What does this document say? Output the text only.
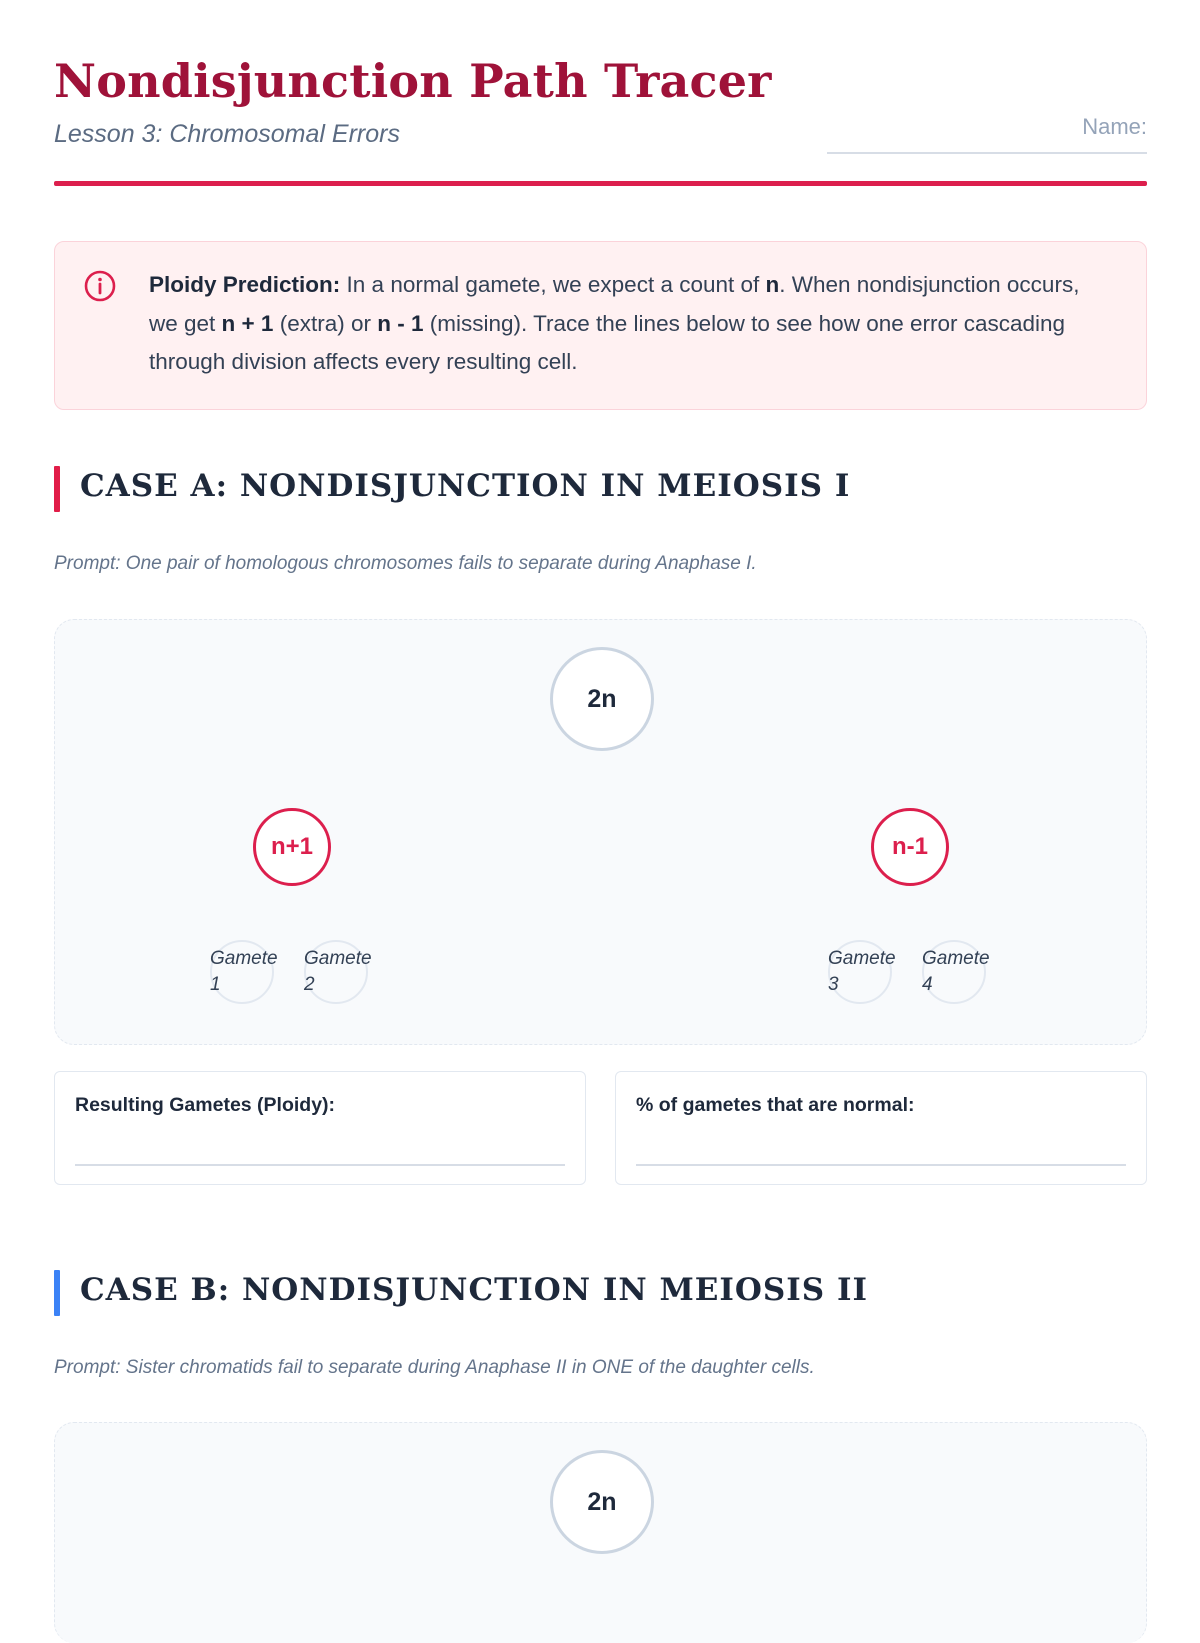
Nondisjunction Path Tracer
Lesson 3: Chromosomal Errors	Name:
Ploidy Prediction: In a normal gamete, we expect a count of n. When nondisjunction occurs, we get n + 1 (extra) or n - 1 (missing). Trace the lines below to see how one error cascading through division affects every resulting cell.
CASE A: NONDISJUNCTION IN MEIOSIS I
Prompt: One pair of homologous chromosomes fails to separate during Anaphase I.
2n
n+1	n-1
Gamete 1
Gamete 2
Gamete 3
Gamete 4
Resulting Gametes (Ploidy):	% of gametes that are normal:
CASE B: NONDISJUNCTION IN MEIOSIS II
Prompt: Sister chromatids fail to separate during Anaphase II in ONE of the daughter cells.
2n
